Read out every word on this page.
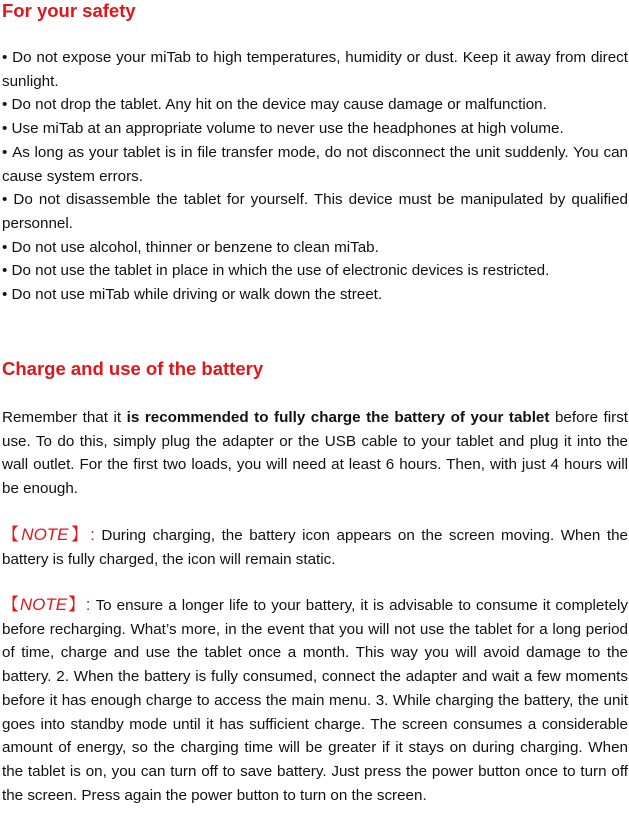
For your safety
• Do not expose your miTab to high temperatures, humidity or dust. Keep it away from direct sunlight.
• Do not drop the tablet. Any hit on the device may cause damage or malfunction.
• Use miTab at an appropriate volume to never use the headphones at high volume.
• As long as your tablet is in file transfer mode, do not disconnect the unit suddenly. You can cause system errors.
• Do not disassemble the tablet for yourself. This device must be manipulated by qualified personnel.
• Do not use alcohol, thinner or benzene to clean miTab.
• Do not use the tablet in place in which the use of electronic devices is restricted.
• Do not use miTab while driving or walk down the street.
Charge and use of the battery

Remember that it is recommended to fully charge the battery of your tablet before first use. To do this, simply plug the adapter or the USB cable to your tablet and plug it into the wall outlet. For the first two loads, you will need at least 6 hours. Then, with just 4 hours will be enough.

【NOTE】: During charging, the battery icon appears on the screen moving. When the battery is fully charged, the icon will remain static.

【NOTE】: To ensure a longer life to your battery, it is advisable to consume it completely before recharging. What’s more, in the event that you will not use the tablet for a long period of time, charge and use the tablet once a month. This way you will avoid damage to the battery. 2. When the battery is fully consumed, connect the adapter and wait a few moments before it has enough charge to access the main menu. 3. While charging the battery, the unit goes into standby mode until it has sufficient charge. The screen consumes a considerable amount of energy, so the charging time will be greater if it stays on during charging. When the tablet is on, you can turn off to save battery. Just press the power button once to turn off the screen. Press again the power button to turn on the screen.
